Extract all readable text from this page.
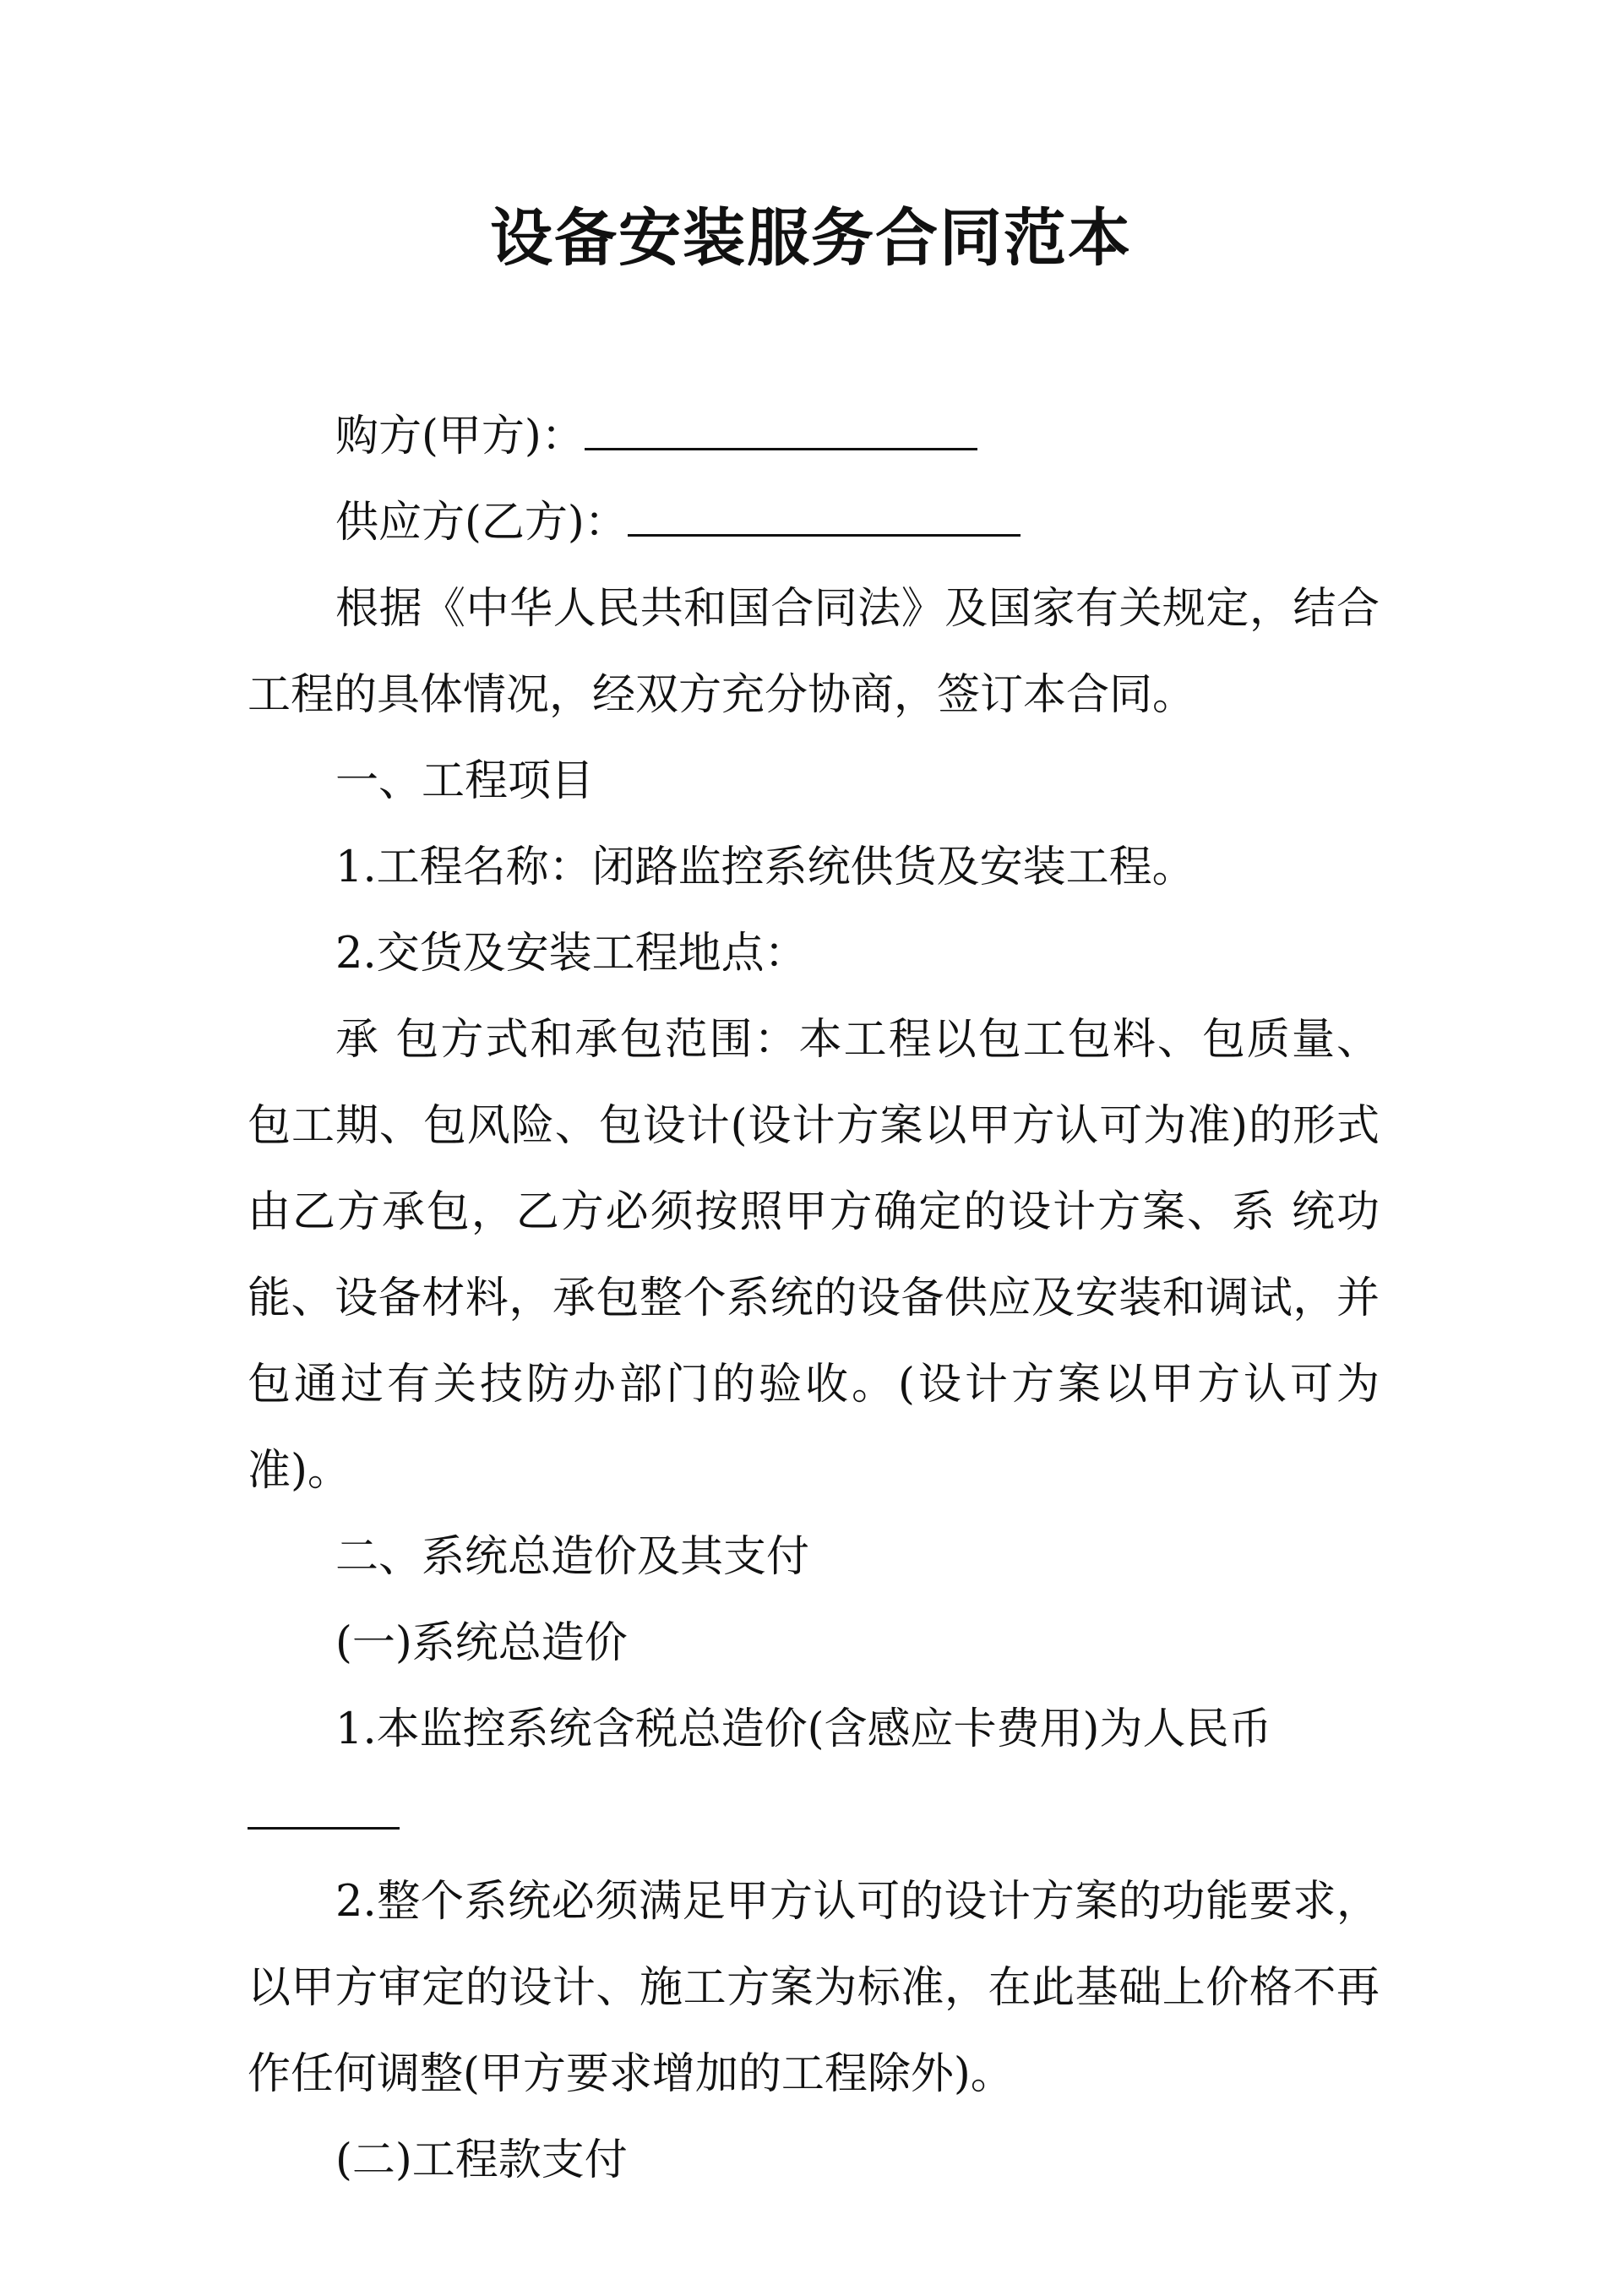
设备安装服务合同范本

购方(甲方)：

供应方(乙方)：

根据《中华人民共和国合同法》及国家有关规定，结合工程的具体情况，经双方充分协商，签订本合同。

一、工程项目

1.工程名称：闭路监控系统供货及安装工程。

2.交货及安装工程地点：

承 包方式和承包范围：本工程以包工包料、包质量、包工期、包风险、包设计(设计方案以甲方认可为准)的形式由乙方承包，乙方必须按照甲方确定的设计方案、系 统功能、设备材料，承包整个系统的设备供应及安装和调试，并包通过有关技防办部门的验收。(设计方案以甲方认可为准)。

二、系统总造价及其支付

(一)系统总造价

1.本监控系统含税总造价(含感应卡费用)为人民币

2.整个系统必须满足甲方认可的设计方案的功能要求，以甲方审定的设计、施工方案为标准，在此基础上价格不再作任何调整(甲方要求增加的工程除外)。

(二)工程款支付
